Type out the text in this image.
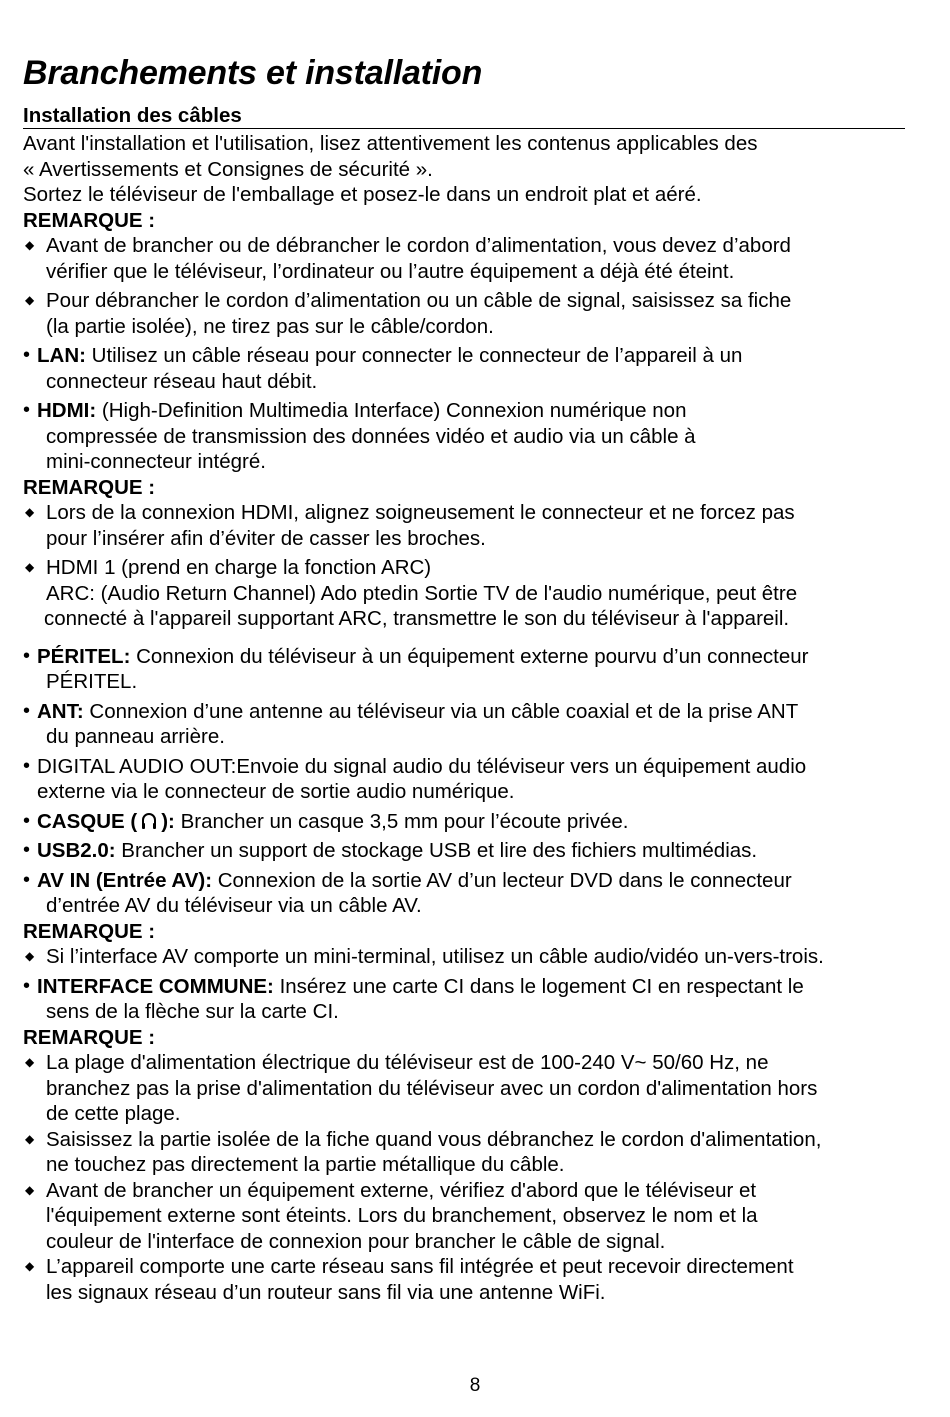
Branchements et installation
Installation des câbles

Avant l'installation et l'utilisation, lisez attentivement les contenus applicables des

« Avertissements et Consignes de sécurité ».

Sortez le téléviseur de l'emballage et posez-le dans un endroit plat et aéré.

REMARQUE :

◆ Avant de brancher ou de débrancher le cordon d’alimentation, vous devez d’abord
vérifier que le téléviseur, l’ordinateur ou l’autre équipement a déjà été éteint.
◆ Pour débrancher le cordon d’alimentation ou un câble de signal, saisissez sa fiche
(la partie isolée), ne tirez pas sur le câble/cordon.
• LAN: Utilisez un câble réseau pour connecter le connecteur de l’appareil à un
connecteur réseau haut débit.
• HDMI: (High-Definition Multimedia Interface) Connexion numérique non
compressée de transmission des données vidéo et audio via un câble à
mini-connecteur intégré.

REMARQUE :

◆ Lors de la connexion HDMI, alignez soigneusement le connecteur et ne forcez pas
pour l’insérer afin d’éviter de casser les broches.
◆ HDMI 1 (prend en charge la fonction ARC)
ARC: (Audio Return Channel) Ado ptedin Sortie TV de l'audio numérique, peut être
connecté à l'appareil supportant ARC, transmettre le son du téléviseur à l'appareil.
• PÉRITEL: Connexion du téléviseur à un équipement externe pourvu d’un connecteur
PÉRITEL.
• ANT: Connexion d’une antenne au téléviseur via un câble coaxial et de la prise ANT
du panneau arrière.
• DIGITAL AUDIO OUT:Envoie du signal audio du téléviseur vers un équipement audio
externe via le connecteur de sortie audio numérique.
• CASQUE ( ): Brancher un casque 3,5 mm pour l’écoute privée.
• USB2.0: Brancher un support de stockage USB et lire des fichiers multimédias.
• AV IN (Entrée AV): Connexion de la sortie AV d’un lecteur DVD dans le connecteur
d’entrée AV du téléviseur via un câble AV.

REMARQUE :

◆ Si l’interface AV comporte un mini-terminal, utilisez un câble audio/vidéo un-vers-trois.
• INTERFACE COMMUNE: Insérez une carte CI dans le logement CI en respectant le
sens de la flèche sur la carte CI.

REMARQUE :

◆ La plage d'alimentation électrique du téléviseur est de 100-240 V~ 50/60 Hz, ne
branchez pas la prise d'alimentation du téléviseur avec un cordon d'alimentation hors
de cette plage.
◆ Saisissez la partie isolée de la fiche quand vous débranchez le cordon d'alimentation,
ne touchez pas directement la partie métallique du câble.
◆ Avant de brancher un équipement externe, vérifiez d'abord que le téléviseur et
l'équipement externe sont éteints. Lors du branchement, observez le nom et la
couleur de l'interface de connexion pour brancher le câble de signal.
◆ L’appareil comporte une carte réseau sans fil intégrée et peut recevoir directement
les signaux réseau d’un routeur sans fil via une antenne WiFi.
8
